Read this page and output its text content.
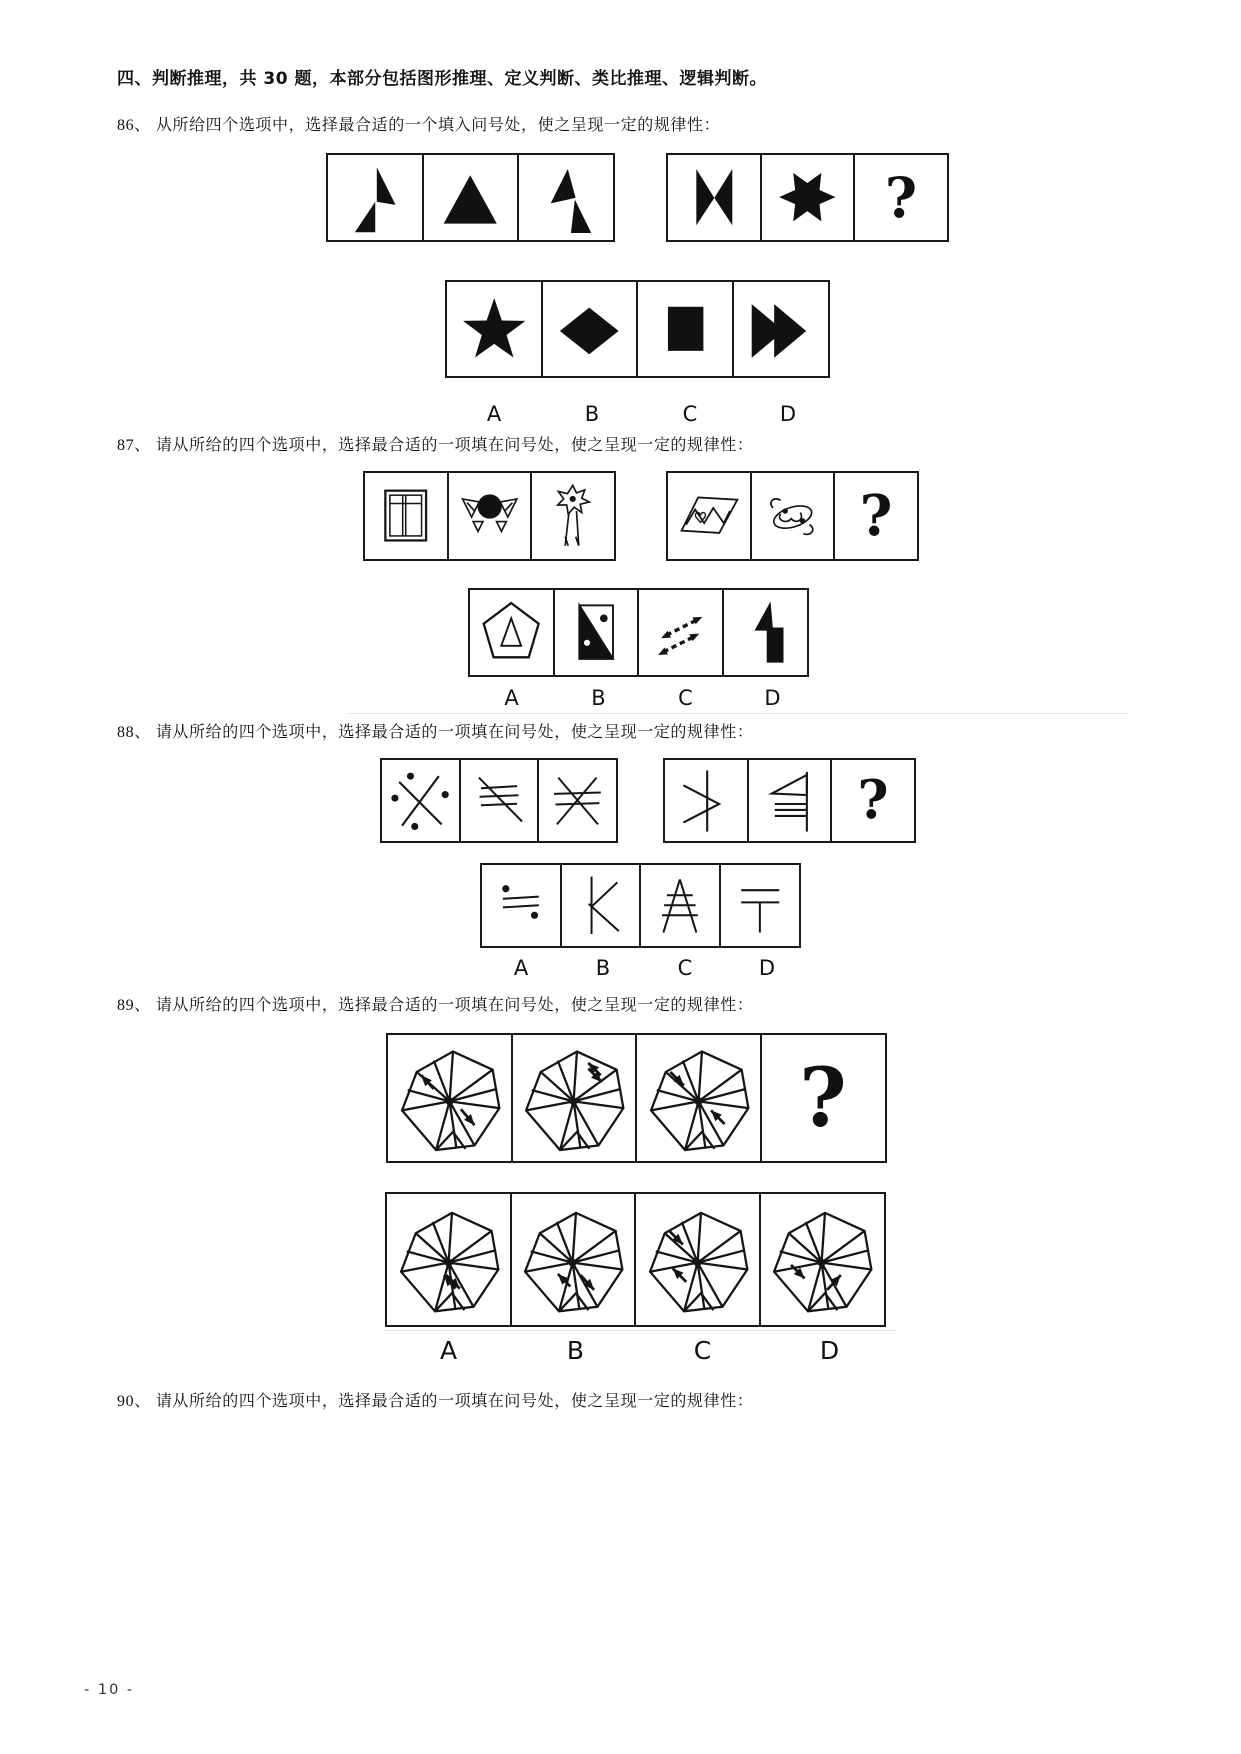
四、判断推理，共 30 题，本部分包括图形推理、定义判断、类比推理、逻辑判断。
86、 从所给四个选项中，选择最合适的一个填入问号处，使之呈现一定的规律性：
?
A	B	C	D
87、 请从所给的四个选项中，选择最合适的一项填在问号处，使之呈现一定的规律性：
?
A	B	C	D
88、 请从所给的四个选项中，选择最合适的一项填在问号处，使之呈现一定的规律性：
?
A	B	C	D
89、 请从所给的四个选项中，选择最合适的一项填在问号处，使之呈现一定的规律性：
?
A	B	C	D
90、 请从所给的四个选项中，选择最合适的一项填在问号处，使之呈现一定的规律性：
- 10 -
